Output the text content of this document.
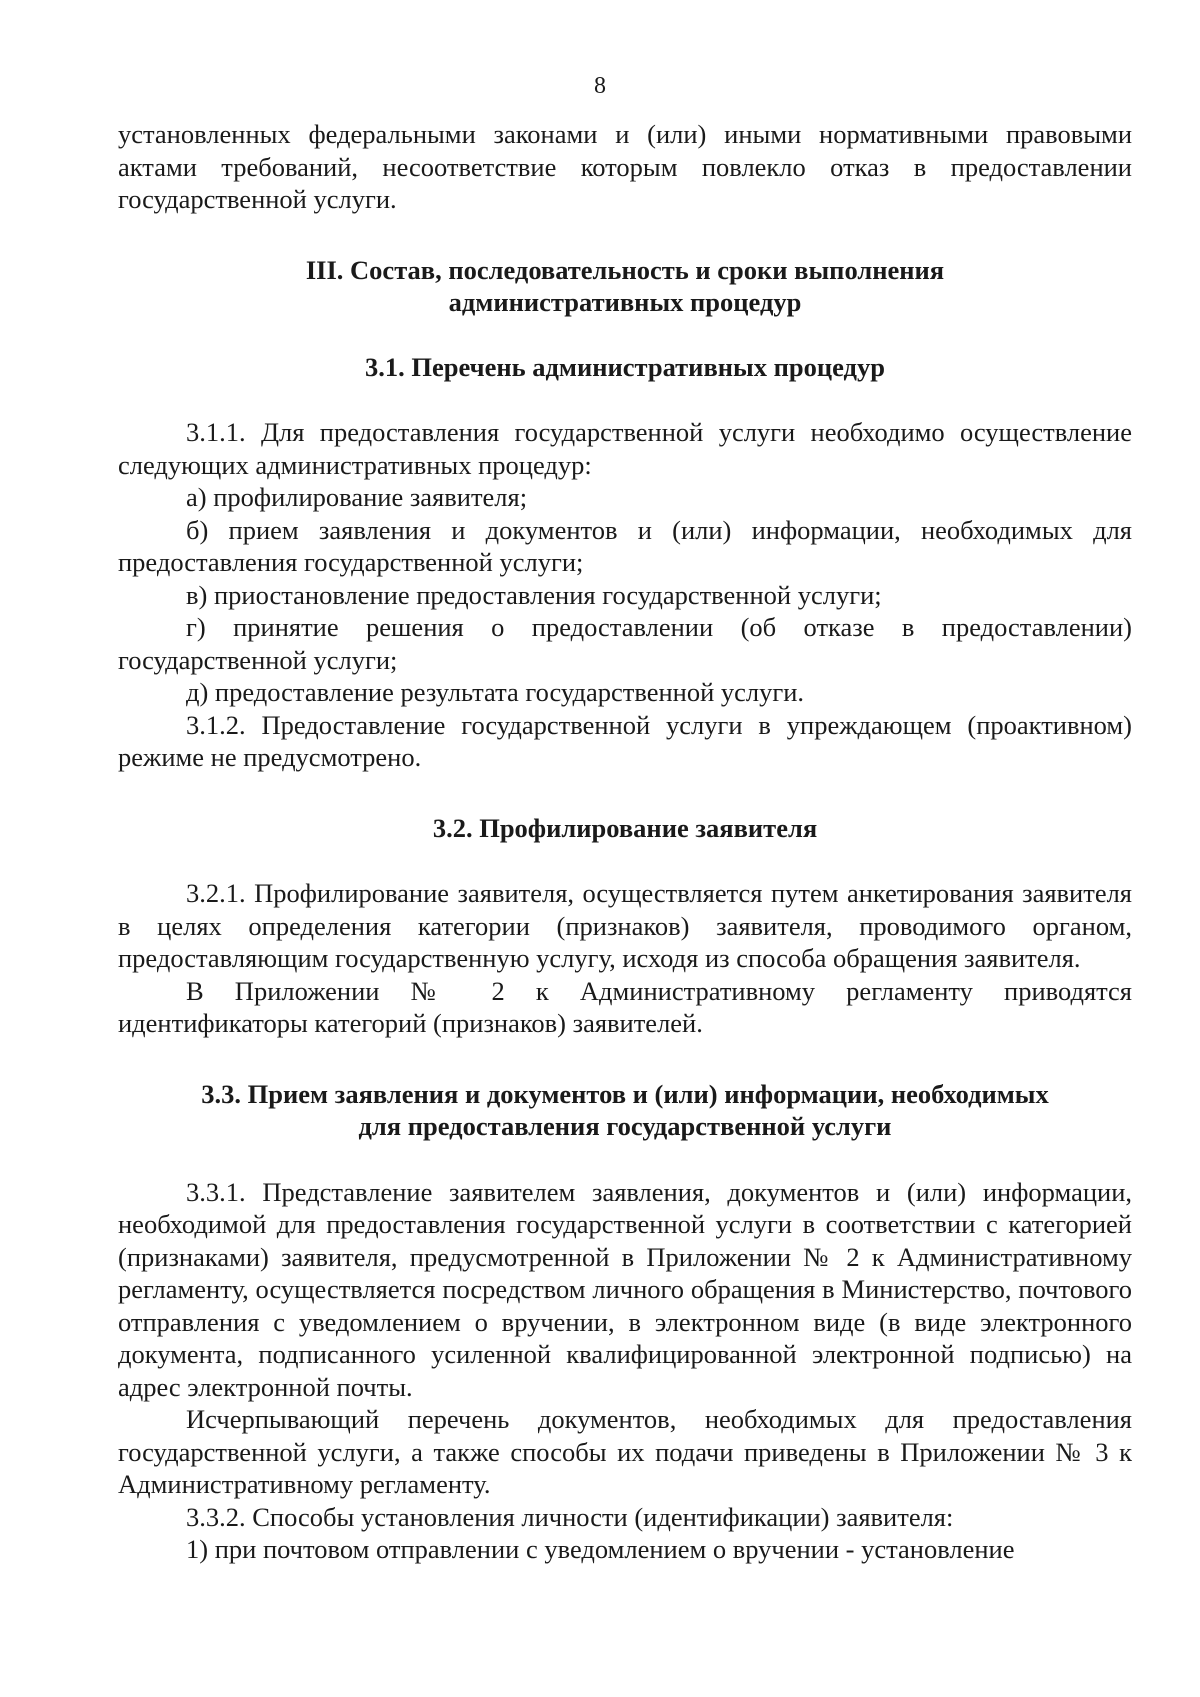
8

установленных федеральными законами и (или) иными нормативными правовыми актами требований, несоответствие которым повлекло отказ в предоставлении государственной услуги.

III. Состав, последовательность и сроки выполнения
административных процедур
3.1. Перечень административных процедур

3.1.1. Для предоставления государственной услуги необходимо осуществление следующих административных процедур:

а) профилирование заявителя;

б) прием заявления и документов и (или) информации, необходимых для предоставления государственной услуги;

в) приостановление предоставления государственной услуги;

г) принятие решения о предоставлении (об отказе в предоставлении) государственной услуги;

д) предоставление результата государственной услуги.

3.1.2. Предоставление государственной услуги в упреждающем (проактивном) режиме не предусмотрено.

3.2. Профилирование заявителя

3.2.1. Профилирование заявителя, осуществляется путем анкетирования заявителя в целях определения категории (признаков) заявителя, проводимого органом, предоставляющим государственную услугу, исходя из способа обращения заявителя.

В Приложении № 2 к Административному регламенту приводятся идентификаторы категорий (признаков) заявителей.

3.3. Прием заявления и документов и (или) информации, необходимых
для предоставления государственной услуги

3.3.1. Представление заявителем заявления, документов и (или) информации, необходимой для предоставления государственной услуги в соответствии с категорией (признаками) заявителя, предусмотренной в Приложении № 2 к Административному регламенту, осуществляется посредством личного обращения в Министерство, почтового отправления с уведомлением о вручении, в электронном виде (в виде электронного документа, подписанного усиленной квалифицированной электронной подписью) на адрес электронной почты.

Исчерпывающий перечень документов, необходимых для предоставления государственной услуги, а также способы их подачи приведены в Приложении № 3 к Административному регламенту.

3.3.2. Способы установления личности (идентификации) заявителя:

1) при почтовом отправлении с уведомлением о вручении - установление
